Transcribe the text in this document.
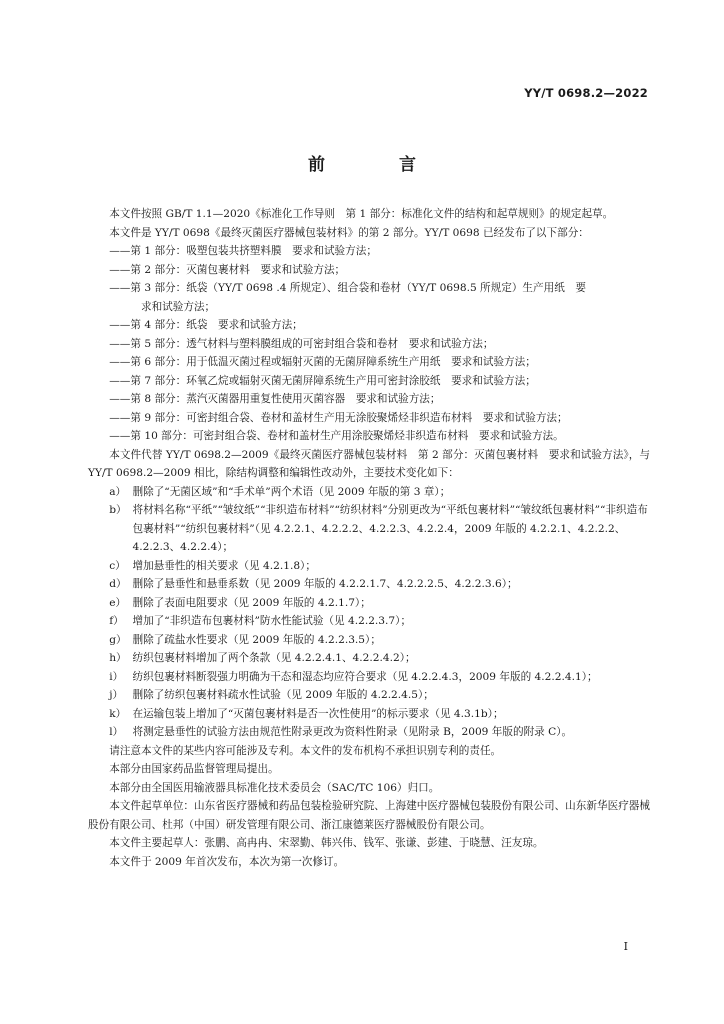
YY/T 0698.2—2022
前 言

本文件按照 GB/T 1.1—2020《标准化工作导则　第 1 部分：标准化文件的结构和起草规则》的规定起草。

本文件是 YY/T 0698《最终灭菌医疗器械包装材料》的第 2 部分。YY/T 0698 已经发布了以下部分：

——第 1 部分：吸塑包装共挤塑料膜　要求和试验方法；

——第 2 部分：灭菌包裹材料　要求和试验方法；

——第 3 部分：纸袋（YY/T 0698 .4 所规定）、组合袋和卷材（YY/T 0698.5 所规定）生产用纸　要
求和试验方法；

——第 4 部分：纸袋　要求和试验方法；

——第 5 部分：透气材料与塑料膜组成的可密封组合袋和卷材　要求和试验方法；

——第 6 部分：用于低温灭菌过程或辐射灭菌的无菌屏障系统生产用纸　要求和试验方法；

——第 7 部分：环氧乙烷或辐射灭菌无菌屏障系统生产用可密封涂胶纸　要求和试验方法；

——第 8 部分：蒸汽灭菌器用重复性使用灭菌容器　要求和试验方法；

——第 9 部分：可密封组合袋、卷材和盖材生产用无涂胶聚烯烃非织造布材料　要求和试验方法；

——第 10 部分：可密封组合袋、卷材和盖材生产用涂胶聚烯烃非织造布材料　要求和试验方法。

本文件代替 YY/T 0698.2—2009《最终灭菌医疗器械包装材料　第 2 部分：灭菌包裹材料　要求和试验方法》，与 YY/T 0698.2—2009 相比，除结构调整和编辑性改动外，主要技术变化如下：

a） 删除了“无菌区域”和“手术单”两个术语（见 2009 年版的第 3 章）；
b） 将材料名称“平纸”“皱纹纸”“非织造布材料”“纺织材料”分别更改为“平纸包裹材料”“皱纹纸包裹材料”“非织造布包裹材料”“纺织包裹材料”（见 4.2.2.1、4.2.2.2、4.2.2.3、4.2.2.4，2009 年版的 4.2.2.1、4.2.2.2、4.2.2.3、4.2.2.4）；
c） 增加悬垂性的相关要求（见 4.2.1.8）；
d） 删除了悬垂性和悬垂系数（见 2009 年版的 4.2.2.1.7、4.2.2.2.5、4.2.2.3.6）；
e） 删除了表面电阻要求（见 2009 年版的 4.2.1.7）；
f） 增加了“非织造布包裹材料”防水性能试验（见 4.2.2.3.7）；
g） 删除了疏盐水性要求（见 2009 年版的 4.2.2.3.5）；
h） 纺织包裹材料增加了两个条款（见 4.2.2.4.1、4.2.2.4.2）；
i） 纺织包裹材料断裂强力明确为干态和湿态均应符合要求（见 4.2.2.4.3，2009 年版的 4.2.2.4.1）；
j） 删除了纺织包裹材料疏水性试验（见 2009 年版的 4.2.2.4.5）；
k） 在运输包装上增加了“灭菌包裹材料是否一次性使用”的标示要求（见 4.3.1b）；
l） 将测定悬垂性的试验方法由规范性附录更改为资料性附录（见附录 B，2009 年版的附录 C）。

请注意本文件的某些内容可能涉及专利。本文件的发布机构不承担识别专利的责任。

本部分由国家药品监督管理局提出。

本部分由全国医用输液器具标准化技术委员会（SAC/TC 106）归口。

本文件起草单位：山东省医疗器械和药品包装检验研究院、上海建中医疗器械包装股份有限公司、山东新华医疗器械股份有限公司、杜邦（中国）研发管理有限公司、浙江康德莱医疗器械股份有限公司。

本文件主要起草人：张鹏、高冉冉、宋翠勤、韩兴伟、钱军、张谦、彭建、于晓慧、汪友琼。

本文件于 2009 年首次发布，本次为第一次修订。

I
